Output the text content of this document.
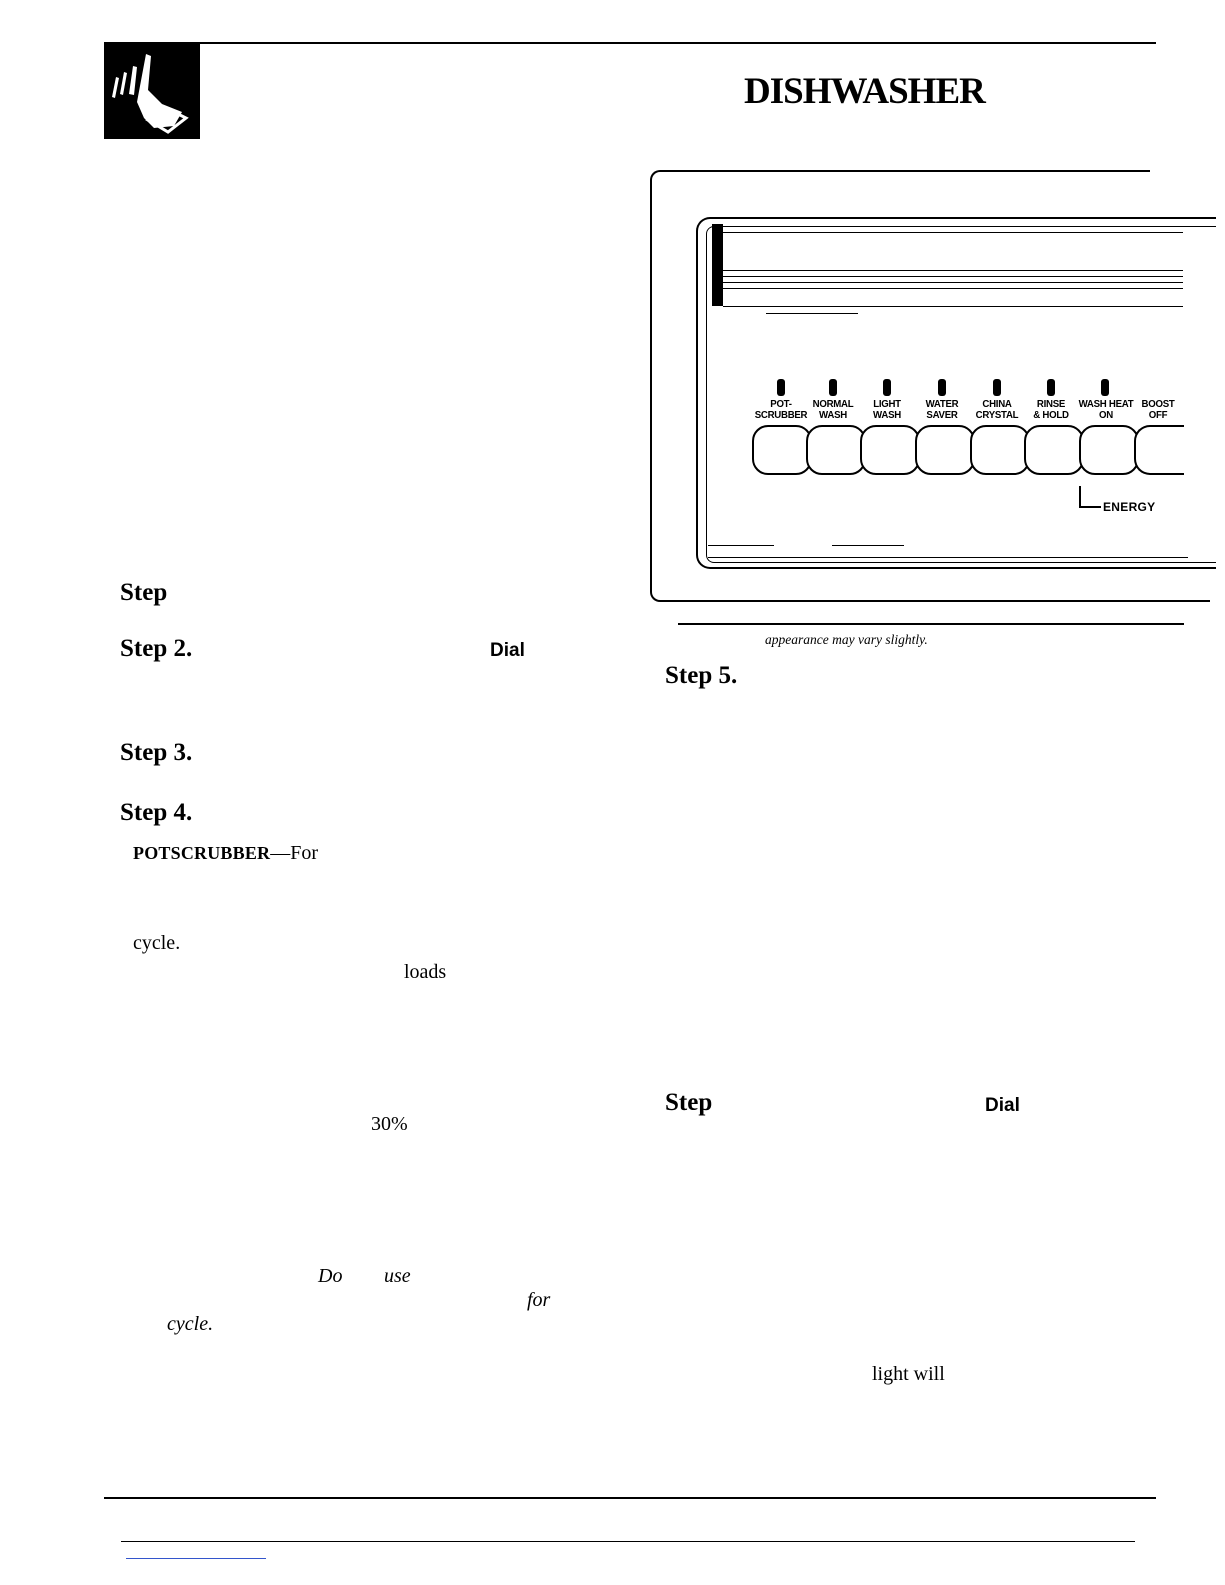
DISHWASHER
Step
Step 2.	Dial
Step 3.
Step 4.
POTSCRUBBER—For
cycle.
loads
30%
Do use
for
cycle.
POT-
SCRUBBER
NORMAL
WASH
LIGHT
WASH
WATER
SAVER
CHINA
CRYSTAL
RINSE
& HOLD
WASH HEAT
ON
BOOST
OFF
ENERGY
appearance may vary slightly.
Step 5.
Step	Dial
light will
